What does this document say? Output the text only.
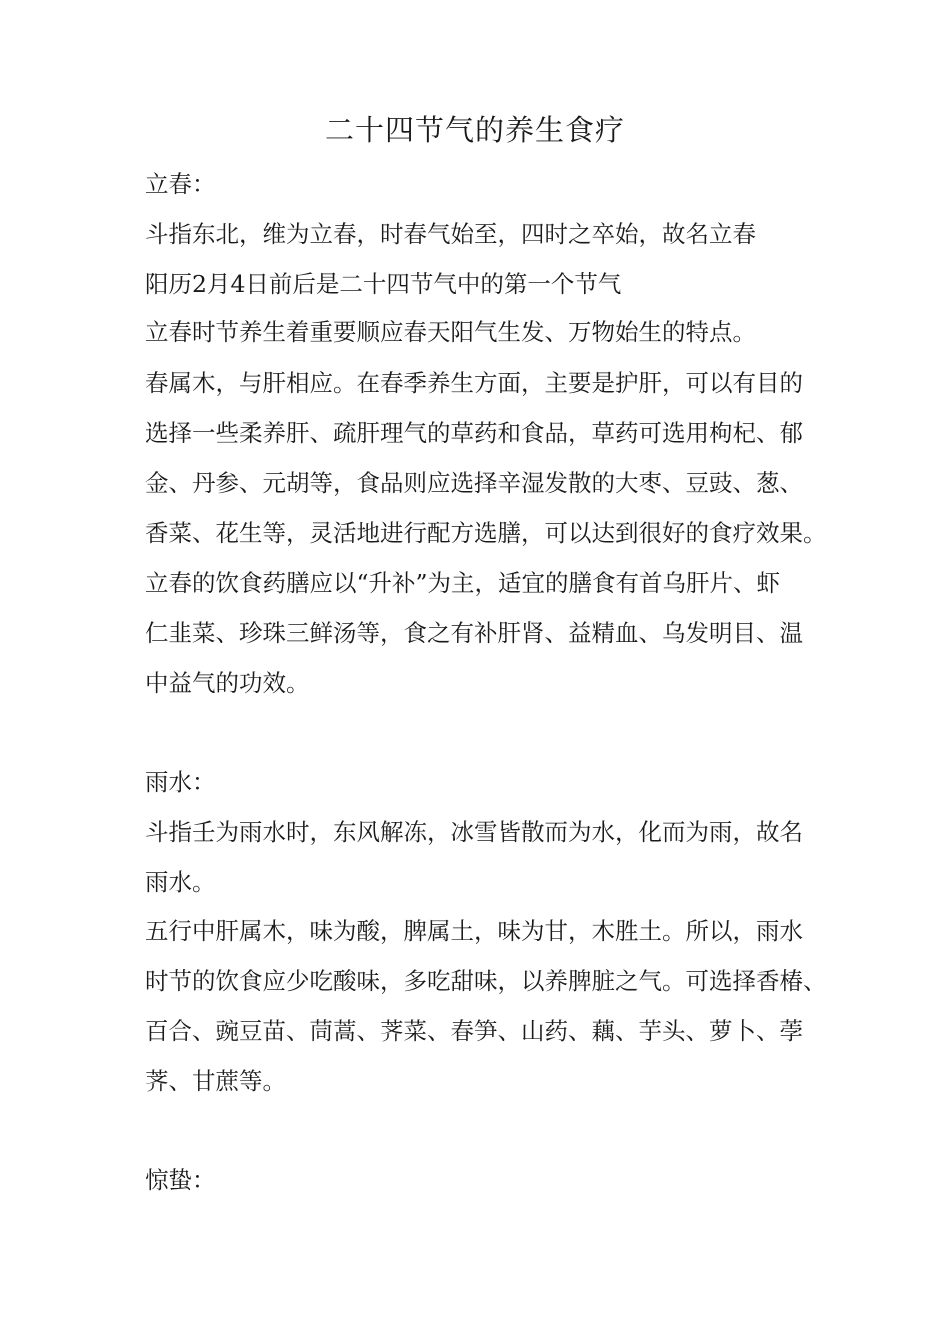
二十四节气的养生食疗
立春：
斗指东北，维为立春，时春气始至，四时之卒始，故名立春
阳历2月4日前后是二十四节气中的第一个节气
立春时节养生着重要顺应春天阳气生发、万物始生的特点。
春属木，与肝相应。在春季养生方面，主要是护肝，可以有目的
选择一些柔养肝、疏肝理气的草药和食品，草药可选用枸杞、郁
金、丹参、元胡等，食品则应选择辛湿发散的大枣、豆豉、葱、
香菜、花生等，灵活地进行配方选膳，可以达到很好的食疗效果。
立春的饮食药膳应以“升补”为主，适宜的膳食有首乌肝片、虾
仁韭菜、珍珠三鲜汤等，食之有补肝肾、益精血、乌发明目、温
中益气的功效。
雨水：
斗指壬为雨水时，东风解冻，冰雪皆散而为水，化而为雨，故名
雨水。
五行中肝属木，味为酸，脾属土，味为甘，木胜土。所以，雨水
时节的饮食应少吃酸味，多吃甜味，以养脾脏之气。可选择香椿、
百合、豌豆苗、茼蒿、荠菜、春笋、山药、藕、芋头、萝卜、荸
荠、甘蔗等。
惊蛰：
